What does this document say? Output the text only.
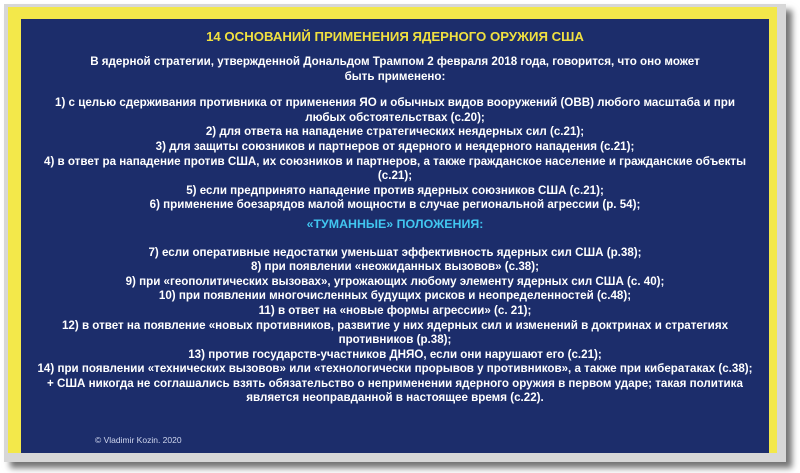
14 ОСНОВАНИЙ ПРИМЕНЕНИЯ ЯДЕРНОГО ОРУЖИЯ США
В ядерной стратегии, утвержденной Дональдом Трампом 2 февраля 2018 года, говорится, что оно может быть применено:
1) с целью сдерживания противника от применения ЯО и обычных видов вооружений (ОВВ) любого масштаба и при любых обстоятельствах (с.20);
2) для ответа на нападение стратегических неядерных сил (с.21);
3) для защиты союзников и партнеров от ядерного и неядерного нападения (с.21);
4) в ответ ра нападение против США, их союзников и партнеров, а также гражданское население и гражданские объекты (с.21);
5) если предпринято нападение против ядерных союзников США (с.21);
6) применение боезарядов малой мощности в случае региональной агрессии (р. 54);
«ТУМАННЫЕ» ПОЛОЖЕНИЯ:
7) если оперативные недостатки уменьшат эффективность ядерных сил США (р.38);
8) при появлении «неожиданных вызовов» (с.38);
9) при «геополитических вызовах», угрожающих любому элементу ядерных сил США (с. 40);
10) при появлении многочисленных будущих рисков и неопределенностей (с.48);
11) в ответ на «новые формы агрессии» (с. 21);
12) в ответ на появление «новых противников, развитие у них ядерных сил и изменений в доктринах и стратегиях противников (р.38);
13) против государств-участников ДНЯО, если они нарушают его (с.21);
14) при появлении «технических вызовов» или «технологически прорывов у противников», а также при кибератаках (с.38);
+ США никогда не соглашались взять обязательство о неприменении ядерного оружия в первом ударе; такая политика является неоправданной в настоящее время (с.22).
© Vladimir Kozin. 2020
